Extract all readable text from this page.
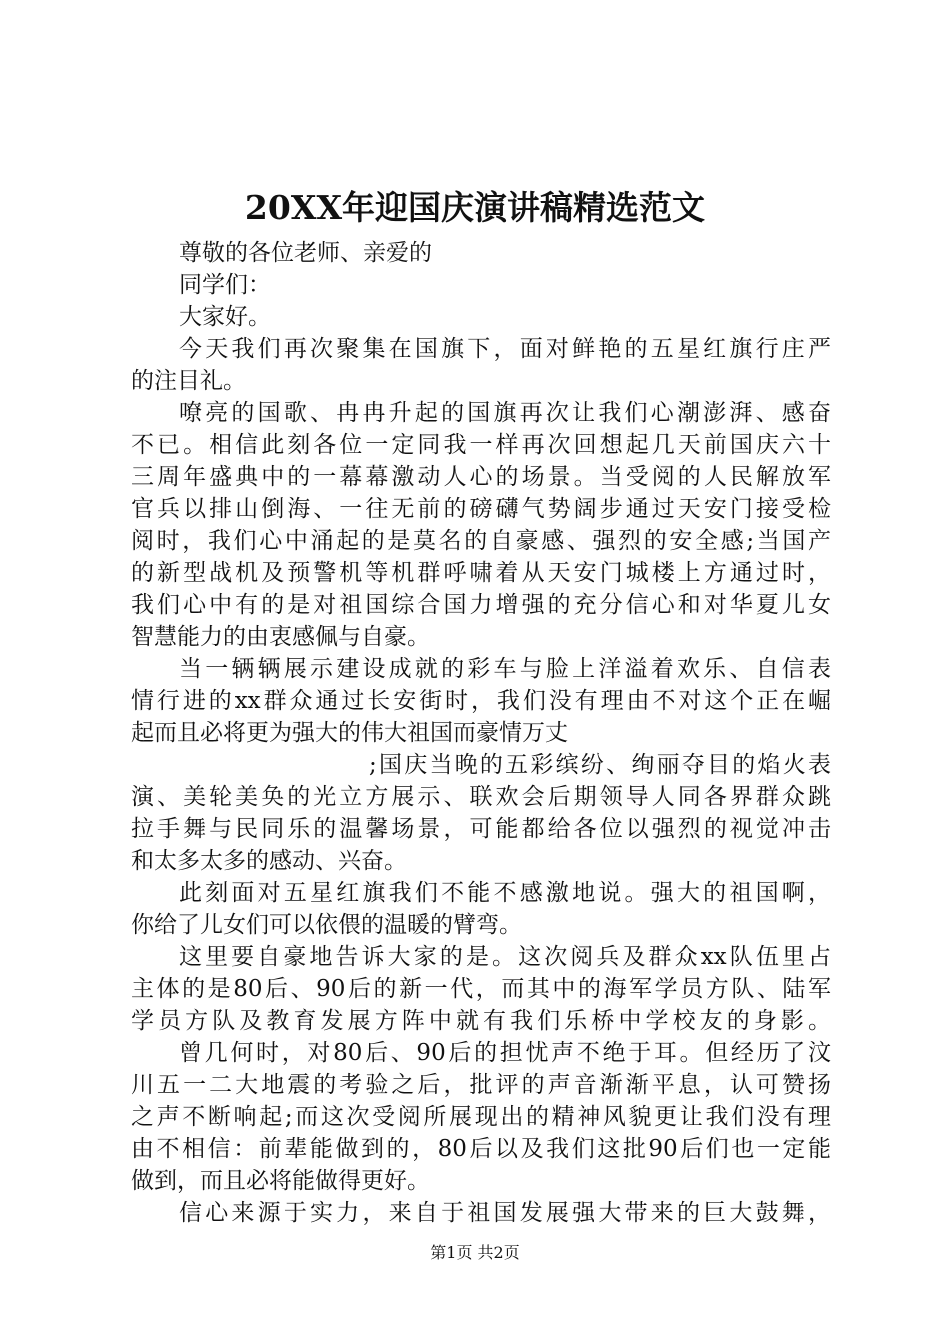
20XX年迎国庆演讲稿精选范文
尊敬的各位老师、亲爱的
同学们：
大家好。
今天我们再次聚集在国旗下，面对鲜艳的五星红旗行庄严
的注目礼。
嘹亮的国歌、冉冉升起的国旗再次让我们心潮澎湃、感奋
不已。相信此刻各位一定同我一样再次回想起几天前国庆六十
三周年盛典中的一幕幕激动人心的场景。当受阅的人民解放军
官兵以排山倒海、一往无前的磅礴气势阔步通过天安门接受检
阅时，我们心中涌起的是莫名的自豪感、强烈的安全感;当国产
的新型战机及预警机等机群呼啸着从天安门城楼上方通过时，
我们心中有的是对祖国综合国力增强的充分信心和对华夏儿女
智慧能力的由衷感佩与自豪。
当一辆辆展示建设成就的彩车与脸上洋溢着欢乐、自信表
情行进的xx群众通过长安街时，我们没有理由不对这个正在崛
起而且必将更为强大的伟大祖国而豪情万丈
;国庆当晚的五彩缤纷、绚丽夺目的焰火表
演、美轮美奂的光立方展示、联欢会后期领导人同各界群众跳
拉手舞与民同乐的温馨场景，可能都给各位以强烈的视觉冲击
和太多太多的感动、兴奋。
此刻面对五星红旗我们不能不感激地说。强大的祖国啊，
你给了儿女们可以依偎的温暖的臂弯。
这里要自豪地告诉大家的是。这次阅兵及群众xx队伍里占
主体的是80后、90后的新一代，而其中的海军学员方队、陆军
学员方队及教育发展方阵中就有我们乐桥中学校友的身影。
曾几何时，对80后、90后的担忧声不绝于耳。但经历了汶
川五一二大地震的考验之后，批评的声音渐渐平息，认可赞扬
之声不断响起;而这次受阅所展现出的精神风貌更让我们没有理
由不相信：前辈能做到的，80后以及我们这批90后们也一定能
做到，而且必将能做得更好。
信心来源于实力，来自于祖国发展强大带来的巨大鼓舞，
第1页 共2页
